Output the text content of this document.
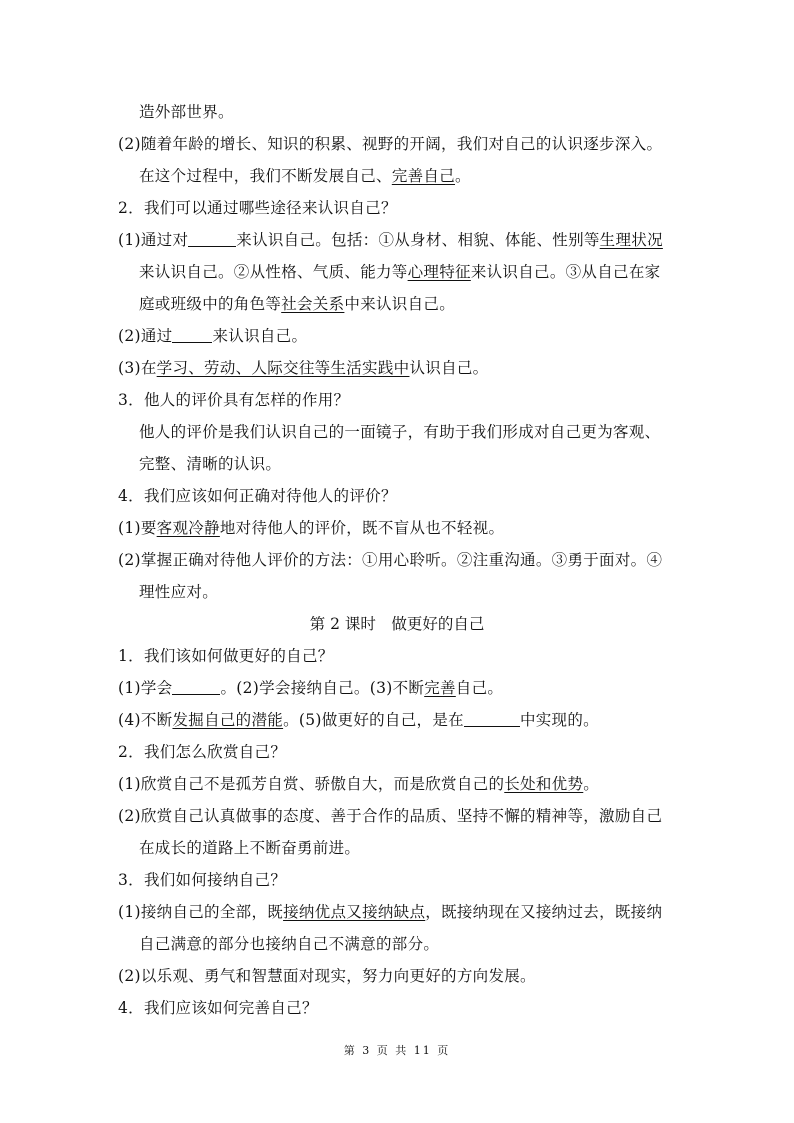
造外部世界。
(2)随着年龄的增长、知识的积累、视野的开阔，我们对自己的认识逐步深入。
在这个过程中，我们不断发展自己、完善自己。
2．我们可以通过哪些途径来认识自己？
(1)通过对	来认识自己。包括：①从身材、相貌、体能、性别等生理状况
来认识自己。②从性格、气质、能力等心理特征来认识自己。③从自己在家
庭或班级中的角色等社会关系中来认识自己。
(2)通过	来认识自己。
(3)在学习、劳动、人际交往等生活实践中认识自己。
3．他人的评价具有怎样的作用？
他人的评价是我们认识自己的一面镜子，有助于我们形成对自己更为客观、
完整、清晰的认识。
4．我们应该如何正确对待他人的评价？
(1)要客观冷静地对待他人的评价，既不盲从也不轻视。
(2)掌握正确对待他人评价的方法：①用心聆听。②注重沟通。③勇于面对。④
理性应对。
第 2 课时　做更好的自己
1．我们该如何做更好的自己？
(1)学会	。(2)学会接纳自己。(3)不断完善自己。
(4)不断发掘自己的潜能。(5)做更好的自己，是在	中实现的。
2．我们怎么欣赏自己？
(1)欣赏自己不是孤芳自赏、骄傲自大，而是欣赏自己的长处和优势。
(2)欣赏自己认真做事的态度、善于合作的品质、坚持不懈的精神等，激励自己
在成长的道路上不断奋勇前进。
3．我们如何接纳自己？
(1)接纳自己的全部，既接纳优点又接纳缺点，既接纳现在又接纳过去，既接纳
自己满意的部分也接纳自己不满意的部分。
(2)以乐观、勇气和智慧面对现实，努力向更好的方向发展。
4．我们应该如何完善自己？
第 3 页 共 11 页
